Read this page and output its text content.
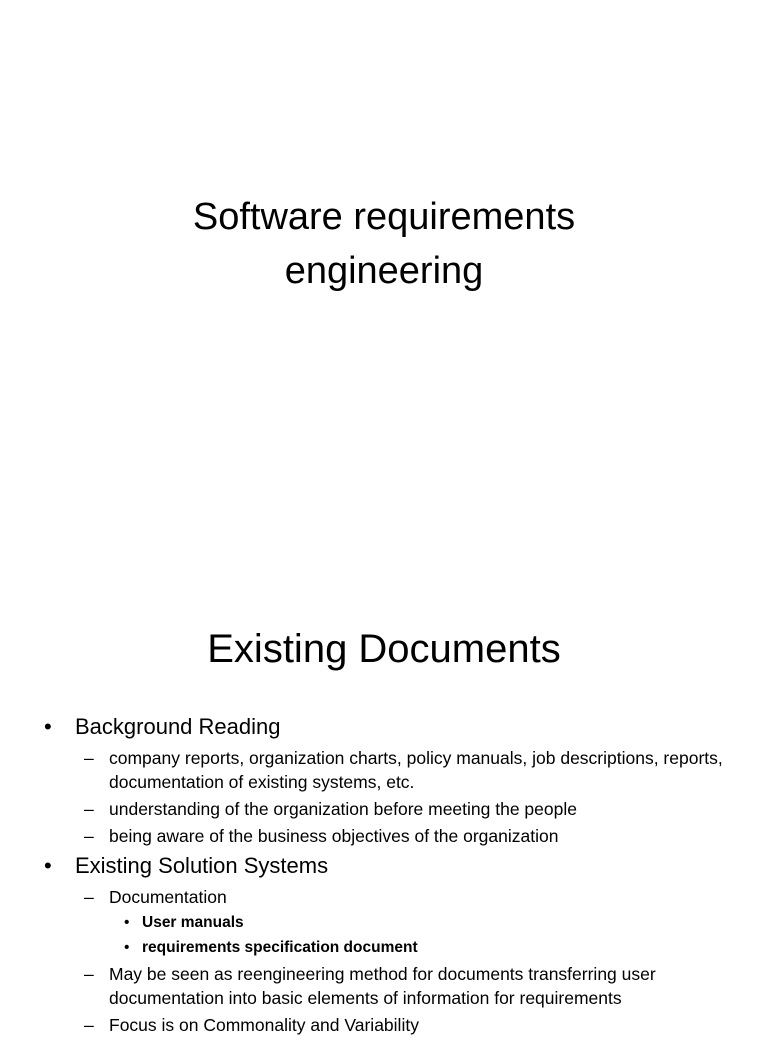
Software requirements
engineering
Existing Documents
• Background Reading
– company reports, organization charts, policy manuals, job descriptions, reports, documentation of existing systems, etc.
– understanding of the organization before meeting the people
– being aware of the business objectives of the organization
• Existing Solution Systems
– Documentation
• User manuals
• requirements specification document
– May be seen as reengineering method for documents transferring user documentation into basic elements of information for requirements
– Focus is on Commonality and Variability
